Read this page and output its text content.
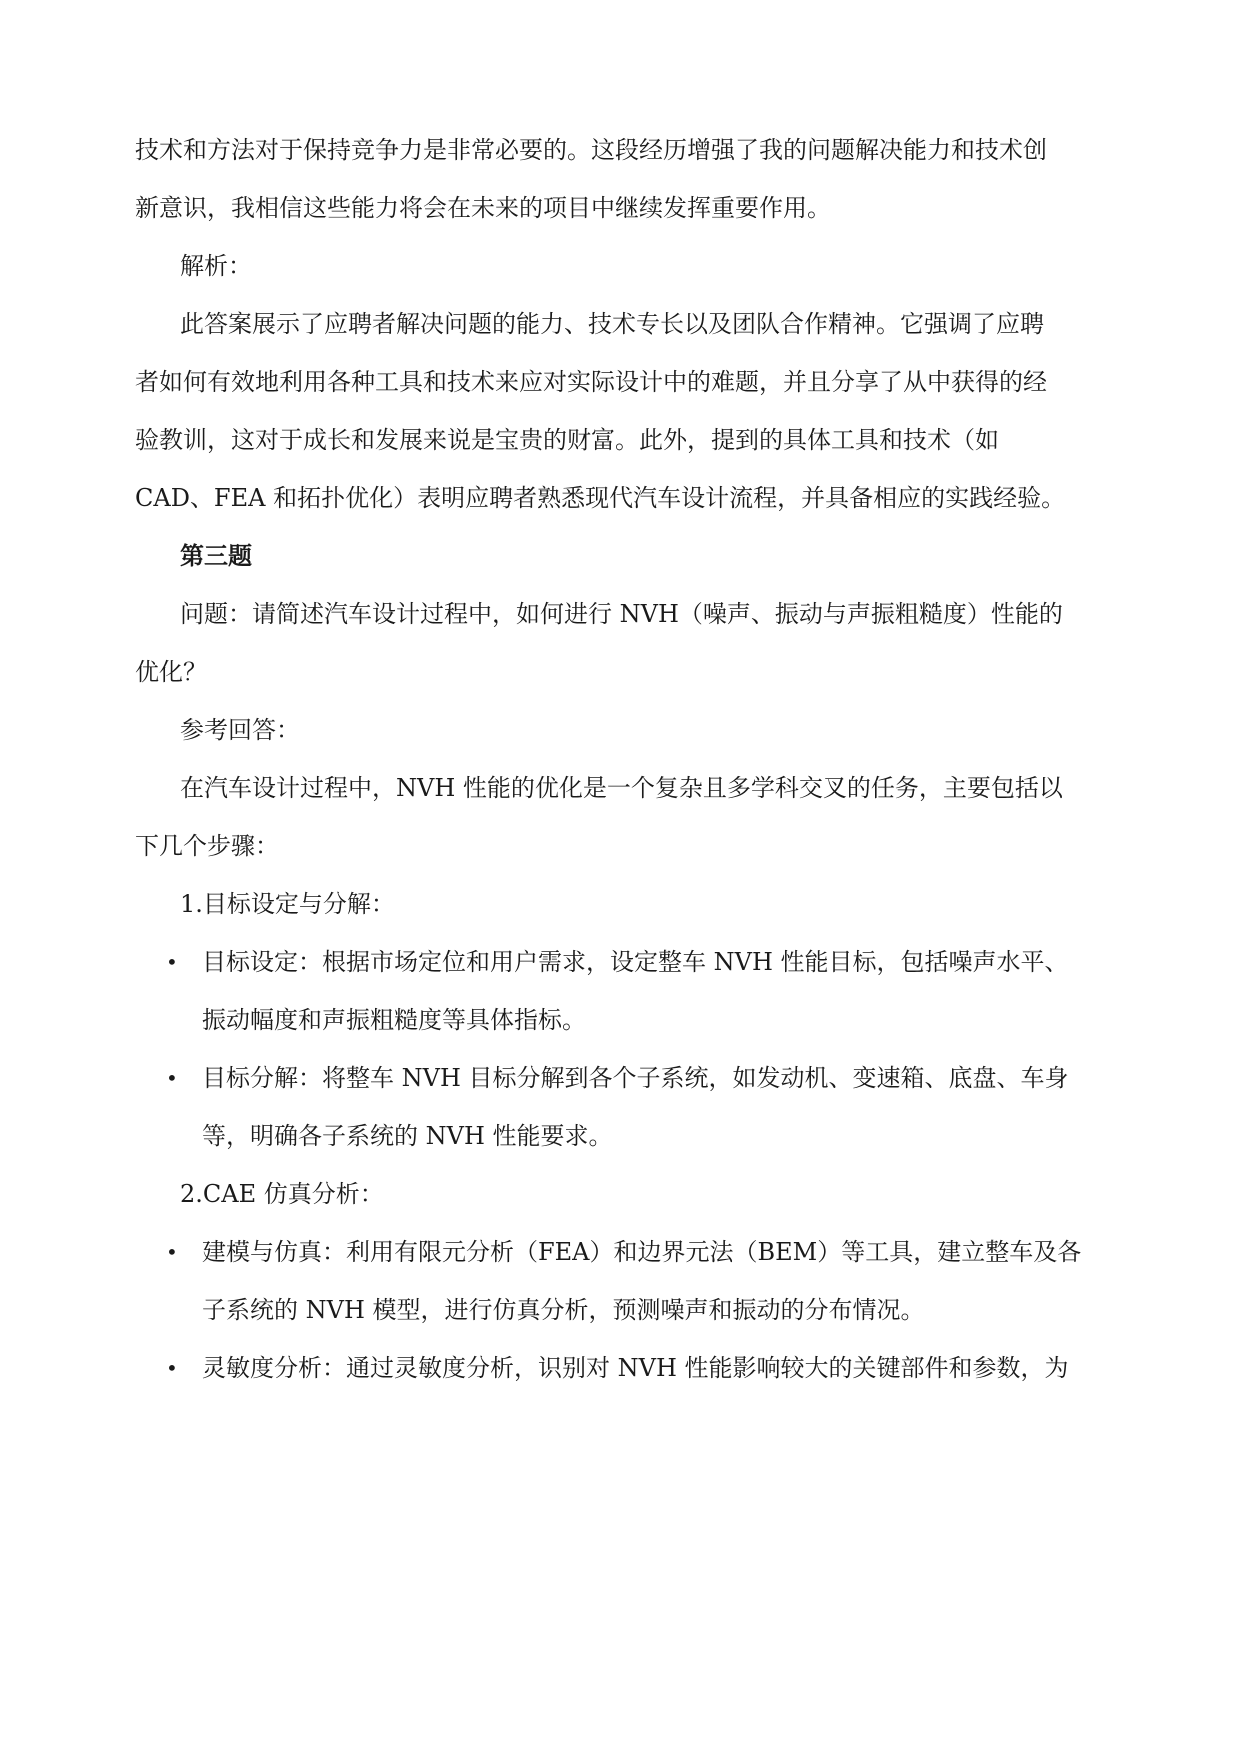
技术和方法对于保持竞争力是非常必要的。这段经历增强了我的问题解决能力和技术创
新意识，我相信这些能力将会在未来的项目中继续发挥重要作用。
解析：
此答案展示了应聘者解决问题的能力、技术专长以及团队合作精神。它强调了应聘
者如何有效地利用各种工具和技术来应对实际设计中的难题，并且分享了从中获得的经
验教训，这对于成长和发展来说是宝贵的财富。此外，提到的具体工具和技术（如
CAD、FEA 和拓扑优化）表明应聘者熟悉现代汽车设计流程，并具备相应的实践经验。
第三题
问题：请简述汽车设计过程中，如何进行 NVH（噪声、振动与声振粗糙度）性能的
优化？
参考回答：
在汽车设计过程中，NVH 性能的优化是一个复杂且多学科交叉的任务，主要包括以
下几个步骤：
1.目标设定与分解：
• 目标设定：根据市场定位和用户需求，设定整车 NVH 性能目标，包括噪声水平、
振动幅度和声振粗糙度等具体指标。
• 目标分解：将整车 NVH 目标分解到各个子系统，如发动机、变速箱、底盘、车身
等，明确各子系统的 NVH 性能要求。
2.CAE 仿真分析：
• 建模与仿真：利用有限元分析（FEA）和边界元法（BEM）等工具，建立整车及各
子系统的 NVH 模型，进行仿真分析，预测噪声和振动的分布情况。
• 灵敏度分析：通过灵敏度分析，识别对 NVH 性能影响较大的关键部件和参数，为
